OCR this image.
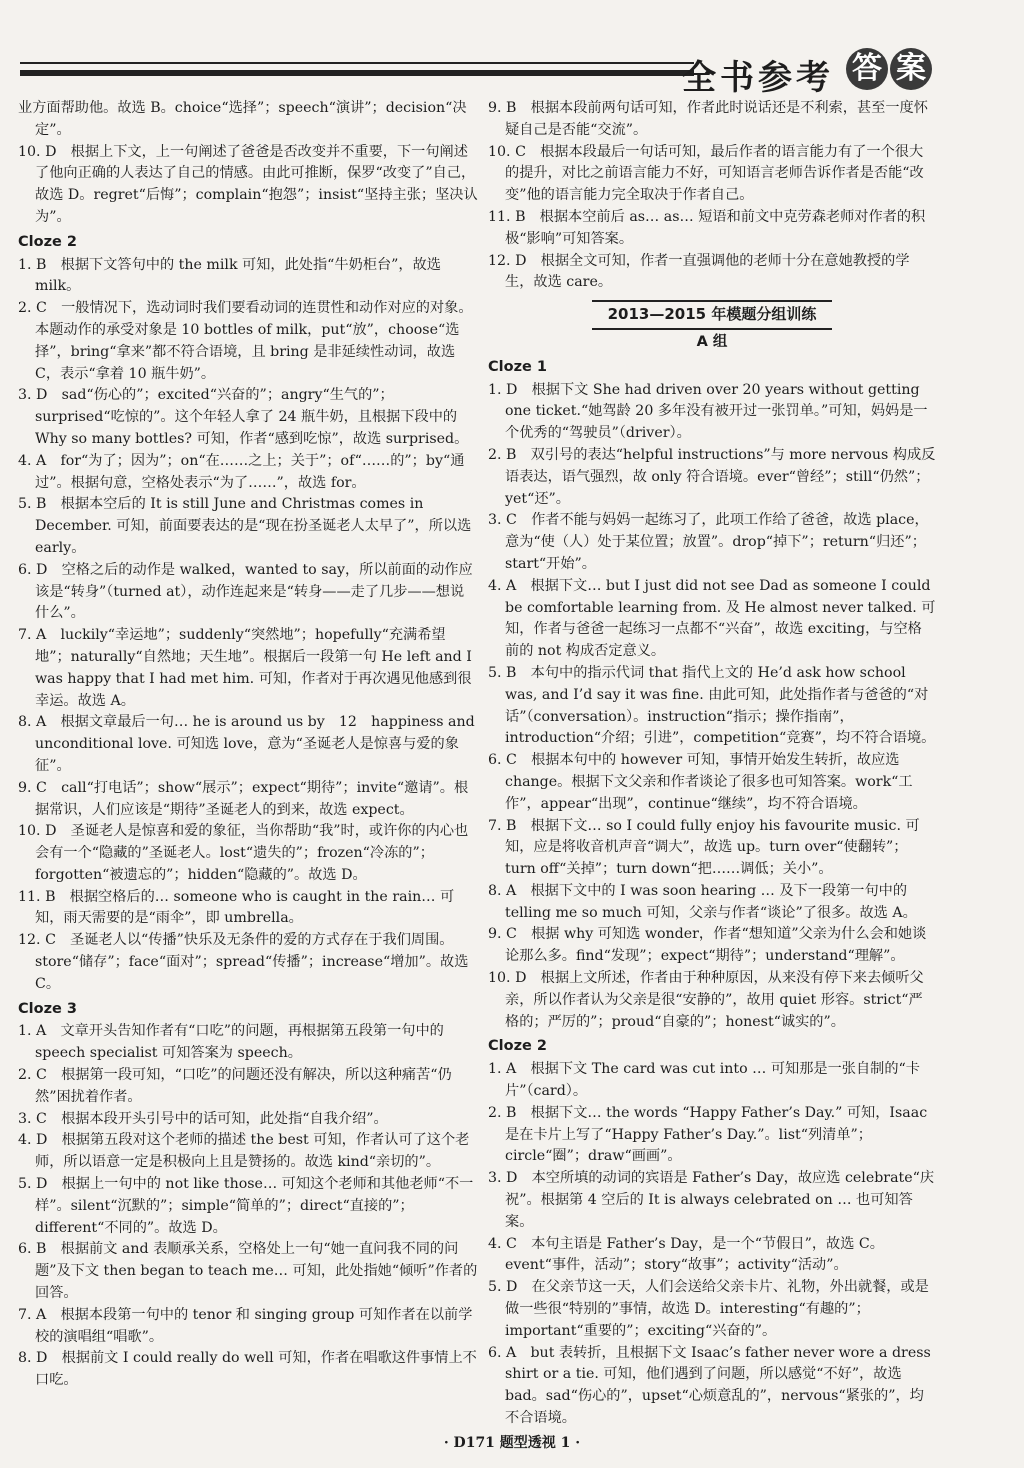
全书参考 答 案
业方面帮助他。故选 B。choice“选择”；speech“演讲”；decision“决定”。
10. D　根据上下文，上一句阐述了爸爸是否改变并不重要，下一句阐述了他向正确的人表达了自己的情感。由此可推断，保罗“改变了”自己，故选 D。regret“后悔”；complain“抱怨”；insist“坚持主张；坚决认为”。
Cloze 2
1. B　根据下文答句中的 the milk 可知，此处指“牛奶柜台”，故选 milk。
2. C　一般情况下，选动词时我们要看动词的连贯性和动作对应的对象。本题动作的承受对象是 10 bottles of milk，put“放”，choose“选择”，bring“拿来”都不符合语境，且 bring 是非延续性动词，故选 C，表示“拿着 10 瓶牛奶”。
3. D　sad“伤心的”；excited“兴奋的”；angry“生气的”；surprised“吃惊的”。这个年轻人拿了 24 瓶牛奶，且根据下段中的 Why so many bottles? 可知，作者“感到吃惊”，故选 surprised。
4. A　for“为了；因为”；on“在……之上；关于”；of“……的”；by“通过”。根据句意，空格处表示“为了……”，故选 for。
5. B　根据本空后的 It is still June and Christmas comes in December. 可知，前面要表达的是“现在扮圣诞老人太早了”，所以选 early。
6. D　空格之后的动作是 walked，wanted to say，所以前面的动作应该是“转身”（turned at），动作连起来是“转身——走了几步——想说什么”。
7. A　luckily“幸运地”；suddenly“突然地”；hopefully“充满希望地”；naturally“自然地；天生地”。根据后一段第一句 He left and I was happy that I had met him. 可知，作者对于再次遇见他感到很幸运。故选 A。
8. A　根据文章最后一句… he is around us by　12　happiness and unconditional love. 可知选 love，意为“圣诞老人是惊喜与爱的象征”。
9. C　call“打电话”；show“展示”；expect“期待”；invite“邀请”。根据常识，人们应该是“期待”圣诞老人的到来，故选 expect。
10. D　圣诞老人是惊喜和爱的象征，当你帮助“我”时，或许你的内心也会有一个“隐藏的”圣诞老人。lost“遗失的”；frozen“冷冻的”；forgotten“被遗忘的”；hidden“隐藏的”。故选 D。
11. B　根据空格后的… someone who is caught in the rain… 可知，雨天需要的是“雨伞”，即 umbrella。
12. C　圣诞老人以“传播”快乐及无条件的爱的方式存在于我们周围。store“储存”；face“面对”；spread“传播”；increase“增加”。故选 C。
Cloze 3
1. A　文章开头告知作者有“口吃”的问题，再根据第五段第一句中的 speech specialist 可知答案为 speech。
2. C　根据第一段可知，“口吃”的问题还没有解决，所以这种痛苦“仍然”困扰着作者。
3. C　根据本段开头引号中的话可知，此处指“自我介绍”。
4. D　根据第五段对这个老师的描述 the best 可知，作者认可了这个老师，所以语意一定是积极向上且是赞扬的。故选 kind“亲切的”。
5. D　根据上一句中的 not like those… 可知这个老师和其他老师“不一样”。silent“沉默的”；simple“简单的”；direct“直接的”；different“不同的”。故选 D。
6. B　根据前文 and 表顺承关系，空格处上一句“她一直问我不同的问题”及下文 then began to teach me… 可知，此处指她“倾听”作者的回答。
7. A　根据本段第一句中的 tenor 和 singing group 可知作者在以前学校的演唱组“唱歌”。
8. D　根据前文 I could really do well 可知，作者在唱歌这件事情上不口吃。
9. B　根据本段前两句话可知，作者此时说话还是不利索，甚至一度怀疑自己是否能“交流”。
10. C　根据本段最后一句话可知，最后作者的语言能力有了一个很大的提升，对比之前语言能力不好，可知语言老师告诉作者是否能“改变”他的语言能力完全取决于作者自己。
11. B　根据本空前后 as… as… 短语和前文中克劳森老师对作者的积极“影响”可知答案。
12. D　根据全文可知，作者一直强调他的老师十分在意她教授的学生，故选 care。
2013—2015 年模题分组训练
A 组
Cloze 1
1. D　根据下文 She had driven over 20 years without getting one ticket.“她驾龄 20 多年没有被开过一张罚单。”可知，妈妈是一个优秀的“驾驶员”（driver）。
2. B　双引号的表达“helpful instructions”与 more nervous 构成反语表达，语气强烈，故 only 符合语境。ever“曾经”；still“仍然”；yet“还”。
3. C　作者不能与妈妈一起练习了，此项工作给了爸爸，故选 place，意为“使（人）处于某位置；放置”。drop“掉下”；return“归还”；start“开始”。
4. A　根据下文… but I just did not see Dad as someone I could be comfortable learning from. 及 He almost never talked. 可知，作者与爸爸一起练习一点都不“兴奋”，故选 exciting，与空格前的 not 构成否定意义。
5. B　本句中的指示代词 that 指代上文的 He’d ask how school was, and I’d say it was fine. 由此可知，此处指作者与爸爸的“对话”（conversation）。instruction“指示；操作指南”，introduction“介绍；引进”，competition“竞赛”，均不符合语境。
6. C　根据本句中的 however 可知，事情开始发生转折，故应选 change。根据下文父亲和作者谈论了很多也可知答案。work“工作”，appear“出现”，continue“继续”，均不符合语境。
7. B　根据下文… so I could fully enjoy his favourite music. 可知，应是将收音机声音“调大”，故选 up。turn over“使翻转”；turn off“关掉”；turn down“把……调低；关小”。
8. A　根据下文中的 I was soon hearing … 及下一段第一句中的 telling me so much 可知，父亲与作者“谈论”了很多。故选 A。
9. C　根据 why 可知选 wonder，作者“想知道”父亲为什么会和她谈论那么多。find“发现”；expect“期待”；understand“理解”。
10. D　根据上文所述，作者由于种种原因，从来没有停下来去倾听父亲，所以作者认为父亲是很“安静的”，故用 quiet 形容。strict“严格的；严厉的”；proud“自豪的”；honest“诚实的”。
Cloze 2
1. A　根据下文 The card was cut into … 可知那是一张自制的“卡片”（card）。
2. B　根据下文… the words “Happy Father’s Day.” 可知，Isaac 是在卡片上写了“Happy Father’s Day.”。list“列清单”；circle“圈”；draw“画画”。
3. D　本空所填的动词的宾语是 Father’s Day，故应选 celebrate“庆祝”。根据第 4 空后的 It is always celebrated on … 也可知答案。
4. C　本句主语是 Father’s Day，是一个“节假日”，故选 C。event“事件，活动”；story“故事”；activity“活动”。
5. D　在父亲节这一天，人们会送给父亲卡片、礼物，外出就餐，或是做一些很“特别的”事情，故选 D。interesting“有趣的”；important“重要的”；exciting“兴奋的”。
6. A　but 表转折，且根据下文 Isaac’s father never wore a dress shirt or a tie. 可知，他们遇到了问题，所以感觉“不好”，故选 bad。sad“伤心的”，upset“心烦意乱的”，nervous“紧张的”，均不合语境。
· D171 题型透视 1 ·
